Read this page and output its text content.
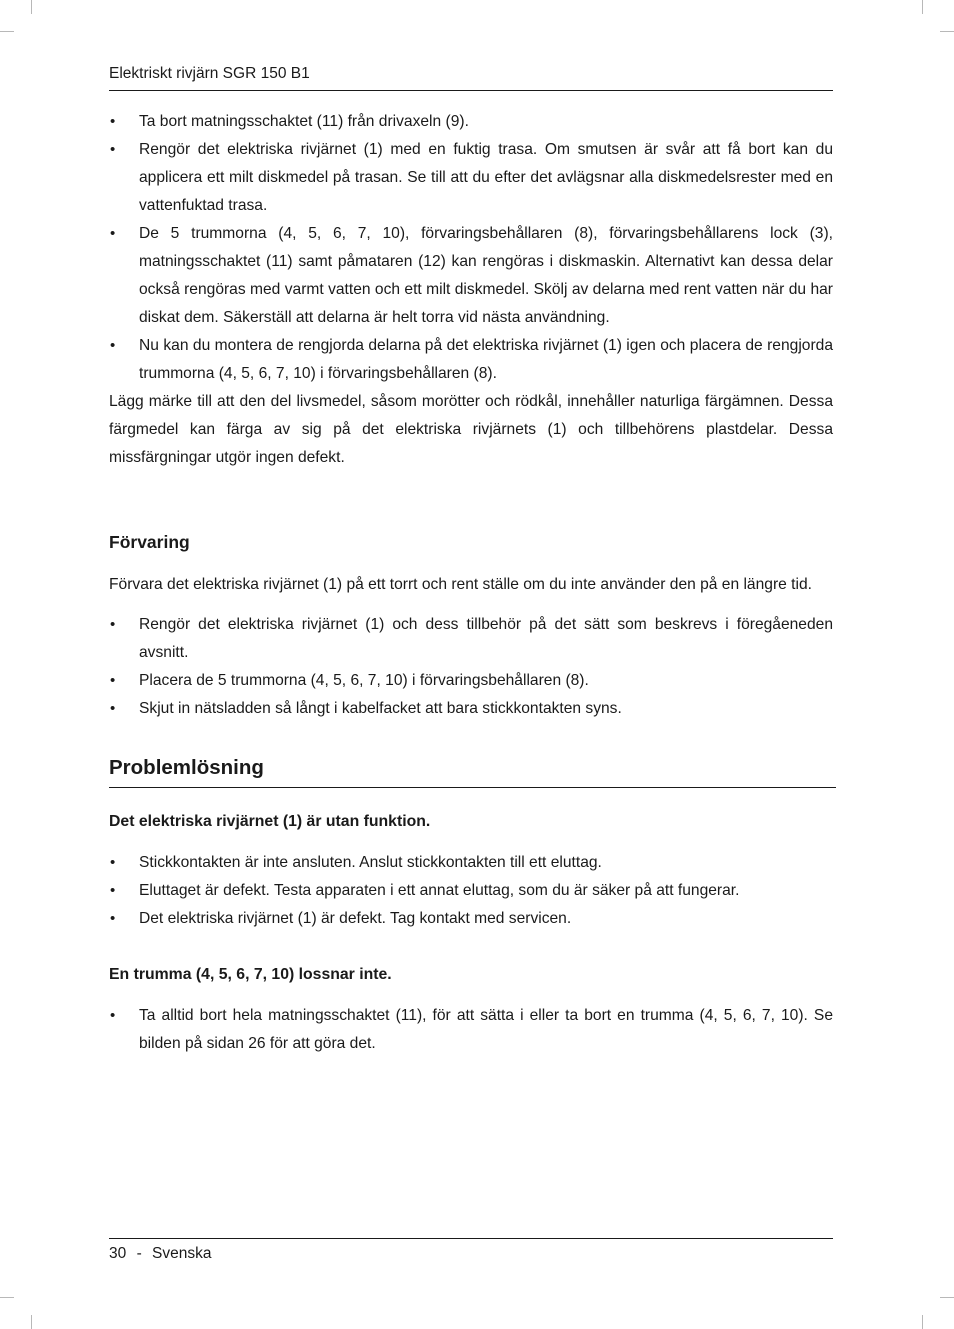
Elektriskt rivjärn SGR 150 B1
• Ta bort matningsschaktet (11) från drivaxeln (9).
• Rengör det elektriska rivjärnet (1) med en fuktig trasa. Om smutsen är svår att få bort kan du applicera ett milt diskmedel på trasan. Se till att du efter det avlägsnar alla diskmedelsrester med en vattenfuktad trasa.
• De 5 trummorna (4, 5, 6, 7, 10), förvaringsbehållaren (8), förvaringsbehållarens lock (3), matningsschaktet (11) samt påmataren (12) kan rengöras i diskmaskin. Alternativt kan dessa delar också rengöras med varmt vatten och ett milt diskmedel. Skölj av delarna med rent vatten när du har diskat dem. Säkerställ att delarna är helt torra vid nästa användning.
• Nu kan du montera de rengjorda delarna på det elektriska rivjärnet (1) igen och placera de rengjorda trummorna (4, 5, 6, 7, 10) i förvaringsbehållaren (8).

Lägg märke till att den del livsmedel, såsom morötter och rödkål, innehåller naturliga färgämnen. Dessa färgmedel kan färga av sig på det elektriska rivjärnets (1) och tillbehörens plastdelar. Dessa missfärgningar utgör ingen defekt.

Förvaring

Förvara det elektriska rivjärnet (1) på ett torrt och rent ställe om du inte använder den på en längre tid.

• Rengör det elektriska rivjärnet (1) och dess tillbehör på det sätt som beskrevs i föregåeneden avsnitt.
• Placera de 5 trummorna (4, 5, 6, 7, 10) i förvaringsbehållaren (8).
• Skjut in nätsladden så långt i kabelfacket att bara stickkontakten syns.
Problemlösning
Det elektriska rivjärnet (1) är utan funktion.
• Stickkontakten är inte ansluten. Anslut stickkontakten till ett eluttag.
• Eluttaget är defekt. Testa apparaten i ett annat eluttag, som du är säker på att fungerar.
• Det elektriska rivjärnet (1) är defekt. Tag kontakt med servicen.
En trumma (4, 5, 6, 7, 10) lossnar inte.
• Ta alltid bort hela matningsschaktet (11), för att sätta i eller ta bort en trumma (4, 5, 6, 7, 10). Se bilden på sidan 26 för att göra det.
30 - Svenska
